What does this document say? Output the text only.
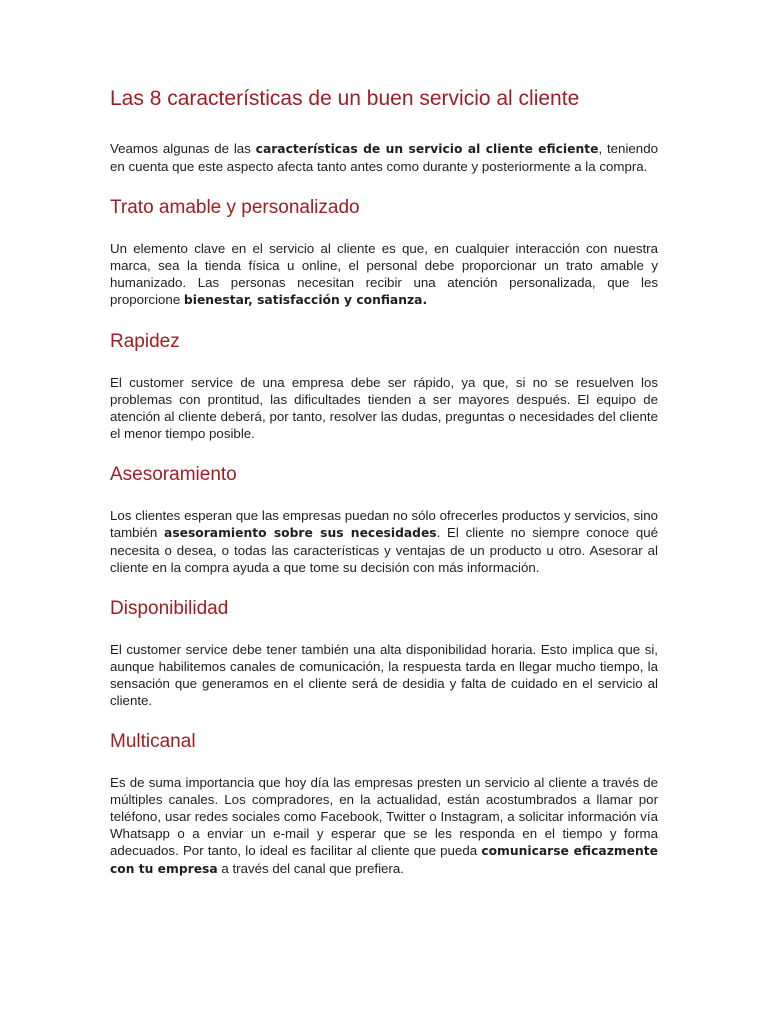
Las 8 características de un buen servicio al cliente

Veamos algunas de las características de un servicio al cliente eficiente, teniendo en cuenta que este aspecto afecta tanto antes como durante y posteriormente a la compra.

Trato amable y personalizado

Un elemento clave en el servicio al cliente es que, en cualquier interacción con nuestra marca, sea la tienda física u online, el personal debe proporcionar un trato amable y humanizado. Las personas necesitan recibir una atención personalizada, que les proporcione bienestar, satisfacción y confianza.

Rapidez

El customer service de una empresa debe ser rápido, ya que, si no se resuelven los problemas con prontitud, las dificultades tienden a ser mayores después. El equipo de atención al cliente deberá, por tanto, resolver las dudas, preguntas o necesidades del cliente el menor tiempo posible.

Asesoramiento

Los clientes esperan que las empresas puedan no sólo ofrecerles productos y servicios, sino también asesoramiento sobre sus necesidades. El cliente no siempre conoce qué necesita o desea, o todas las características y ventajas de un producto u otro. Asesorar al cliente en la compra ayuda a que tome su decisión con más información.

Disponibilidad

El customer service debe tener también una alta disponibilidad horaria. Esto implica que si, aunque habilitemos canales de comunicación, la respuesta tarda en llegar mucho tiempo, la sensación que generamos en el cliente será de desidia y falta de cuidado en el servicio al cliente.

Multicanal

Es de suma importancia que hoy día las empresas presten un servicio al cliente a través de múltiples canales. Los compradores, en la actualidad, están acostumbrados a llamar por teléfono, usar redes sociales como Facebook, Twitter o Instagram, a solicitar información vía Whatsapp o a enviar un e-mail y esperar que se les responda en el tiempo y forma adecuados. Por tanto, lo ideal es facilitar al cliente que pueda comunicarse eficazmente con tu empresa a través del canal que prefiera.
